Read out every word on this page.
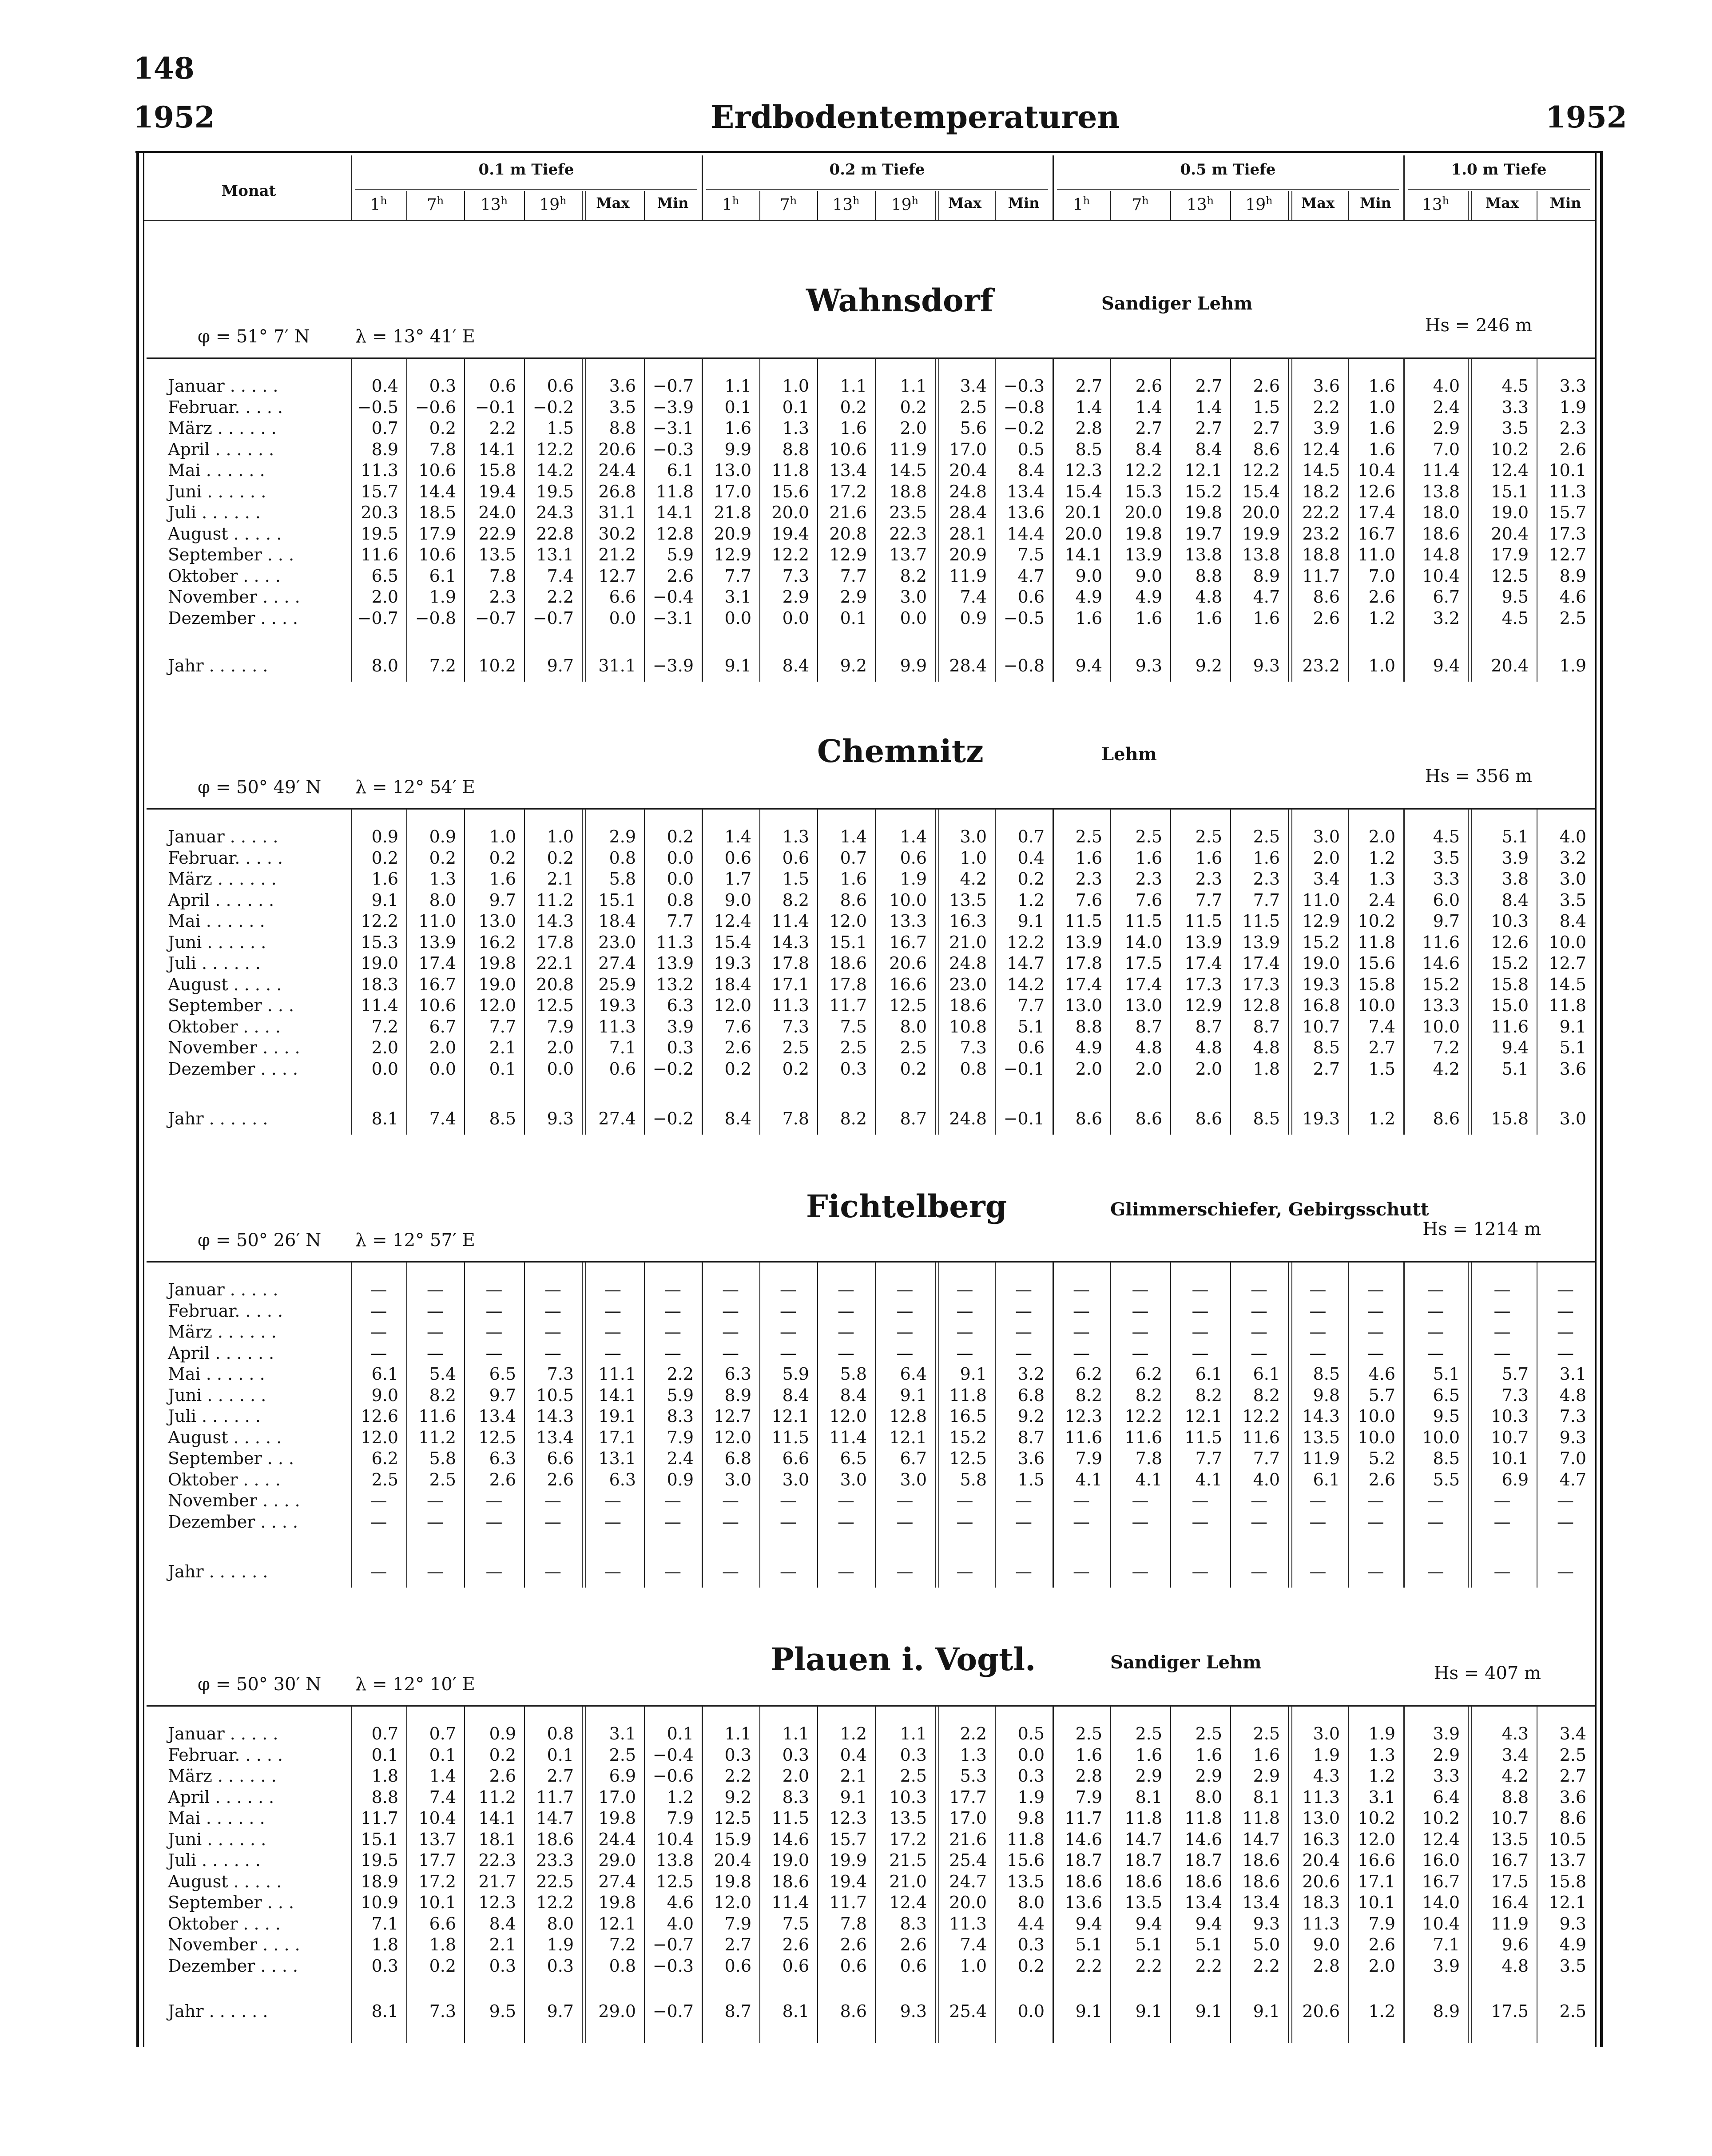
148
1952	Erdbodentemperaturen	1952
Monat
0.1 m Tiefe	0.2 m Tiefe	0.5 m Tiefe	1.0 m Tiefe
1$^h$	7$^h$	13$^h$	19$^h$	Max	Min	1$^h$	7$^h$	13$^h$	19$^h$	Max	Min	1$^h$	7$^h$	13$^h$	19$^h$	Max	Min	13$^h$	Max	Min
Wahnsdorf	Sandiger Lehm
φ = 51° 7′ N	λ = 13° 41′ E
Hs = 246 m
Januar . . . . .	0.4	0.3	0.6	0.6	3.6 −0.7	1.1	1.0	1.1	1.1	3.4 −0.3	2.7	2.6	2.7	2.6	3.6	1.6	4.0	4.5	3.3
Februar. . . . .	−0.5 −0.6	−0.1 −0.2	3.5 −3.9	0.1	0.1	0.2	0.2	2.5 −0.8	1.4	1.4	1.4	1.5	2.2	1.0	2.4	3.3	1.9
März . . . . . .	0.7	0.2	2.2	1.5	8.8 −3.1	1.6	1.3	1.6	2.0	5.6 −0.2	2.8	2.7	2.7	2.7	3.9	1.6	2.9	3.5	2.3
April . . . . . .	8.9	7.8	14.1	12.2	20.6 −0.3	9.9	8.8	10.6	11.9	17.0	0.5	8.5	8.4	8.4	8.6	12.4	1.6	7.0	10.2	2.6
Mai . . . . . .	11.3	10.6	15.8	14.2	24.4	6.1	13.0	11.8	13.4	14.5	20.4	8.4	12.3	12.2	12.1	12.2	14.5	10.4	11.4	12.4	10.1
Juni . . . . . .	15.7	14.4	19.4	19.5	26.8	11.8	17.0	15.6	17.2	18.8	24.8	13.4	15.4	15.3	15.2	15.4	18.2	12.6	13.8	15.1	11.3
Juli . . . . . .	20.3	18.5	24.0	24.3	31.1	14.1	21.8	20.0	21.6	23.5	28.4	13.6	20.1	20.0	19.8	20.0	22.2	17.4	18.0	19.0	15.7
August . . . . .	19.5	17.9	22.9	22.8	30.2	12.8	20.9	19.4	20.8	22.3	28.1	14.4	20.0	19.8	19.7	19.9	23.2	16.7	18.6	20.4	17.3
September . . .	11.6	10.6	13.5	13.1	21.2	5.9	12.9	12.2	12.9	13.7	20.9	7.5	14.1	13.9	13.8	13.8	18.8	11.0	14.8	17.9	12.7
Oktober . . . .	6.5	6.1	7.8	7.4	12.7	2.6	7.7	7.3	7.7	8.2	11.9	4.7	9.0	9.0	8.8	8.9	11.7	7.0	10.4	12.5	8.9
November . . . .	2.0	1.9	2.3	2.2	6.6 −0.4	3.1	2.9	2.9	3.0	7.4	0.6	4.9	4.9	4.8	4.7	8.6	2.6	6.7	9.5	4.6
Dezember . . . .	−0.7 −0.8	−0.7 −0.7	0.0 −3.1	0.0	0.0	0.1	0.0	0.9 −0.5	1.6	1.6	1.6	1.6	2.6	1.2	3.2	4.5	2.5
Jahr . . . . . .	8.0	7.2	10.2	9.7	31.1 −3.9	9.1	8.4	9.2	9.9	28.4 −0.8	9.4	9.3	9.2	9.3	23.2	1.0	9.4	20.4	1.9
Chemnitz	Lehm
φ = 50° 49′ N λ = 12° 54′ E
Hs = 356 m
Januar . . . . .	0.9	0.9	1.0	1.0	2.9	0.2	1.4	1.3	1.4	1.4	3.0	0.7	2.5	2.5	2.5	2.5	3.0	2.0	4.5	5.1	4.0
Februar. . . . .	0.2	0.2	0.2	0.2	0.8	0.0	0.6	0.6	0.7	0.6	1.0	0.4	1.6	1.6	1.6	1.6	2.0	1.2	3.5	3.9	3.2
März . . . . . .	1.6	1.3	1.6	2.1	5.8	0.0	1.7	1.5	1.6	1.9	4.2	0.2	2.3	2.3	2.3	2.3	3.4	1.3	3.3	3.8	3.0
April . . . . . .	9.1	8.0	9.7	11.2	15.1	0.8	9.0	8.2	8.6	10.0	13.5	1.2	7.6	7.6	7.7	7.7	11.0	2.4	6.0	8.4	3.5
Mai . . . . . .	12.2	11.0	13.0	14.3	18.4	7.7	12.4	11.4	12.0	13.3	16.3	9.1	11.5	11.5	11.5	11.5	12.9	10.2	9.7	10.3	8.4
Juni . . . . . .	15.3	13.9	16.2	17.8	23.0	11.3	15.4	14.3	15.1	16.7	21.0	12.2	13.9	14.0	13.9	13.9	15.2	11.8	11.6	12.6	10.0
Juli . . . . . .	19.0	17.4	19.8	22.1	27.4	13.9	19.3	17.8	18.6	20.6	24.8	14.7	17.8	17.5	17.4	17.4	19.0	15.6	14.6	15.2	12.7
August . . . . .	18.3	16.7	19.0	20.8	25.9	13.2	18.4	17.1	17.8	16.6	23.0	14.2	17.4	17.4	17.3	17.3	19.3	15.8	15.2	15.8	14.5
September . . .	11.4	10.6	12.0	12.5	19.3	6.3	12.0	11.3	11.7	12.5	18.6	7.7	13.0	13.0	12.9	12.8	16.8	10.0	13.3	15.0	11.8
Oktober . . . .	7.2	6.7	7.7	7.9	11.3	3.9	7.6	7.3	7.5	8.0	10.8	5.1	8.8	8.7	8.7	8.7	10.7	7.4	10.0	11.6	9.1
November . . . .	2.0	2.0	2.1	2.0	7.1	0.3	2.6	2.5	2.5	2.5	7.3	0.6	4.9	4.8	4.8	4.8	8.5	2.7	7.2	9.4	5.1
Dezember . . . .	0.0	0.0	0.1	0.0	0.6 −0.2	0.2	0.2	0.3	0.2	0.8 −0.1	2.0	2.0	2.0	1.8	2.7	1.5	4.2	5.1	3.6
Jahr . . . . . .	8.1	7.4	8.5	9.3	27.4 −0.2	8.4	7.8	8.2	8.7	24.8 −0.1	8.6	8.6	8.6	8.5	19.3	1.2	8.6	15.8	3.0
Fichtelberg	Glimmerschiefer, Gebirgsschutt
φ = 50° 26′ N λ = 12° 57′ E
Hs = 1214 m
Januar . . . . .	—	—	—	—	—	—	—	—	—	—	—	—	—	—	—	—	—	—	—	—	—
Februar. . . . .	—	—	—	—	—	—	—	—	—	—	—	—	—	—	—	—	—	—	—	—	—
März . . . . . .	—	—	—	—	—	—	—	—	—	—	—	—	—	—	—	—	—	—	—	—	—
April . . . . . .	—	—	—	—	—	—	—	—	—	—	—	—	—	—	—	—	—	—	—	—	—
Mai . . . . . .	6.1	5.4	6.5	7.3	11.1	2.2	6.3	5.9	5.8	6.4	9.1	3.2	6.2	6.2	6.1	6.1	8.5	4.6	5.1	5.7	3.1
Juni . . . . . .	9.0	8.2	9.7	10.5	14.1	5.9	8.9	8.4	8.4	9.1	11.8	6.8	8.2	8.2	8.2	8.2	9.8	5.7	6.5	7.3	4.8
Juli . . . . . .	12.6	11.6	13.4	14.3	19.1	8.3	12.7	12.1	12.0	12.8	16.5	9.2	12.3	12.2	12.1	12.2	14.3	10.0	9.5	10.3	7.3
August . . . . .	12.0	11.2	12.5	13.4	17.1	7.9	12.0	11.5	11.4	12.1	15.2	8.7	11.6	11.6	11.5	11.6	13.5	10.0	10.0	10.7	9.3
September . . .	6.2	5.8	6.3	6.6	13.1	2.4	6.8	6.6	6.5	6.7	12.5	3.6	7.9	7.8	7.7	7.7	11.9	5.2	8.5	10.1	7.0
Oktober . . . .	2.5	2.5	2.6	2.6	6.3	0.9	3.0	3.0	3.0	3.0	5.8	1.5	4.1	4.1	4.1	4.0	6.1	2.6	5.5	6.9	4.7
November . . . .	—	—	—	—	—	—	—	—	—	—	—	—	—	—	—	—	—	—	—	—	—
Dezember . . . .	—	—	—	—	—	—	—	—	—	—	—	—	—	—	—	—	—	—	—	—	—
Jahr . . . . . .	—	—	—	—	—	—	—	—	—	—	—	—	—	—	—	—	—	—	—	—	—
Plauen i. Vogtl.	Sandiger Lehm
φ = 50° 30′ N λ = 12° 10′ E
Hs = 407 m
Januar . . . . .	0.7	0.7	0.9	0.8	3.1	0.1	1.1	1.1	1.2	1.1	2.2	0.5	2.5	2.5	2.5	2.5	3.0	1.9	3.9	4.3	3.4
Februar. . . . .	0.1	0.1	0.2	0.1	2.5 −0.4	0.3	0.3	0.4	0.3	1.3	0.0	1.6	1.6	1.6	1.6	1.9	1.3	2.9	3.4	2.5
März . . . . . .	1.8	1.4	2.6	2.7	6.9 −0.6	2.2	2.0	2.1	2.5	5.3	0.3	2.8	2.9	2.9	2.9	4.3	1.2	3.3	4.2	2.7
April . . . . . .	8.8	7.4	11.2	11.7	17.0	1.2	9.2	8.3	9.1	10.3	17.7	1.9	7.9	8.1	8.0	8.1	11.3	3.1	6.4	8.8	3.6
Mai . . . . . .	11.7	10.4	14.1	14.7	19.8	7.9	12.5	11.5	12.3	13.5	17.0	9.8	11.7	11.8	11.8	11.8	13.0	10.2	10.2	10.7	8.6
Juni . . . . . .	15.1	13.7	18.1	18.6	24.4	10.4	15.9	14.6	15.7	17.2	21.6	11.8	14.6	14.7	14.6	14.7	16.3	12.0	12.4	13.5	10.5
Juli . . . . . .	19.5	17.7	22.3	23.3	29.0	13.8	20.4	19.0	19.9	21.5	25.4	15.6	18.7	18.7	18.7	18.6	20.4	16.6	16.0	16.7	13.7
August . . . . .	18.9	17.2	21.7	22.5	27.4	12.5	19.8	18.6	19.4	21.0	24.7	13.5	18.6	18.6	18.6	18.6	20.6	17.1	16.7	17.5	15.8
September . . .	10.9	10.1	12.3	12.2	19.8	4.6	12.0	11.4	11.7	12.4	20.0	8.0	13.6	13.5	13.4	13.4	18.3	10.1	14.0	16.4	12.1
Oktober . . . .	7.1	6.6	8.4	8.0	12.1	4.0	7.9	7.5	7.8	8.3	11.3	4.4	9.4	9.4	9.4	9.3	11.3	7.9	10.4	11.9	9.3
November . . . .	1.8	1.8	2.1	1.9	7.2 −0.7	2.7	2.6	2.6	2.6	7.4	0.3	5.1	5.1	5.1	5.0	9.0	2.6	7.1	9.6	4.9
Dezember . . . .	0.3	0.2	0.3	0.3	0.8 −0.3	0.6	0.6	0.6	0.6	1.0	0.2	2.2	2.2	2.2	2.2	2.8	2.0	3.9	4.8	3.5
Jahr . . . . . .	8.1	7.3	9.5	9.7	29.0 −0.7	8.7	8.1	8.6	9.3	25.4	0.0	9.1	9.1	9.1	9.1	20.6	1.2	8.9	17.5	2.5
